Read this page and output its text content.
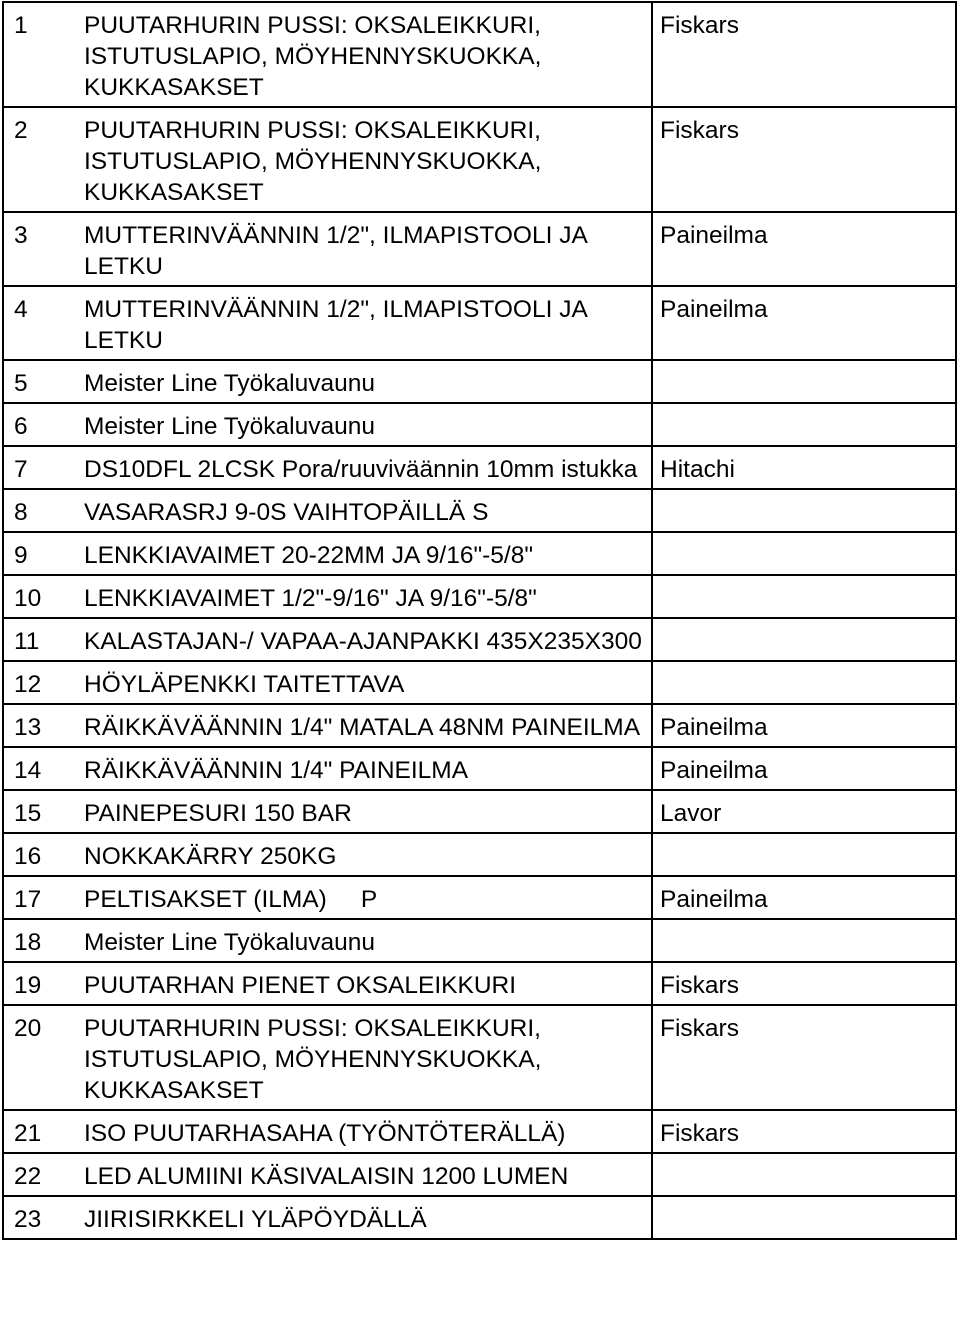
1	PUUTARHURIN PUSSI: OKSALEIKKURI, ISTUTUSLAPIO, MÖYHENNYSKUOKKA, KUKKASAKSET	Fiskars
2	PUUTARHURIN PUSSI: OKSALEIKKURI, ISTUTUSLAPIO, MÖYHENNYSKUOKKA, KUKKASAKSET	Fiskars
3	MUTTERINVÄÄNNIN 1/2", ILMAPISTOOLI JA LETKU	Paineilma
4	MUTTERINVÄÄNNIN 1/2", ILMAPISTOOLI JA LETKU	Paineilma
5	Meister Line Työkaluvaunu	
6	Meister Line Työkaluvaunu	
7	DS10DFL 2LCSK Pora/ruuviväännin 10mm istukka	Hitachi
8	VASARASRJ 9-0S VAIHTOPÄILLÄ S	
9	LENKKIAVAIMET 20-22MM JA 9/16"-5/8"	
10	LENKKIAVAIMET 1/2"-9/16" JA 9/16"-5/8"	
11	KALASTAJAN-/ VAPAA-AJANPAKKI 435X235X300	
12	HÖYLÄPENKKI TAITETTAVA	
13	RÄIKKÄVÄÄNNIN 1/4" MATALA 48NM PAINEILMA	Paineilma
14	RÄIKKÄVÄÄNNIN 1/4" PAINEILMA	Paineilma
15	PAINEPESURI 150 BAR	Lavor
16	NOKKAKÄRRY 250KG	
17	PELTISAKSET (ILMA)     P	Paineilma
18	Meister Line Työkaluvaunu	
19	PUUTARHAN PIENET OKSALEIKKURI	Fiskars
20	PUUTARHURIN PUSSI: OKSALEIKKURI, ISTUTUSLAPIO, MÖYHENNYSKUOKKA, KUKKASAKSET	Fiskars
21	ISO PUUTARHASAHA (TYÖNTÖTERÄLLÄ)	Fiskars
22	LED ALUMIINI KÄSIVALAISIN 1200 LUMEN	
23	JIIRISIRKKELI YLÄPÖYDÄLLÄ	
